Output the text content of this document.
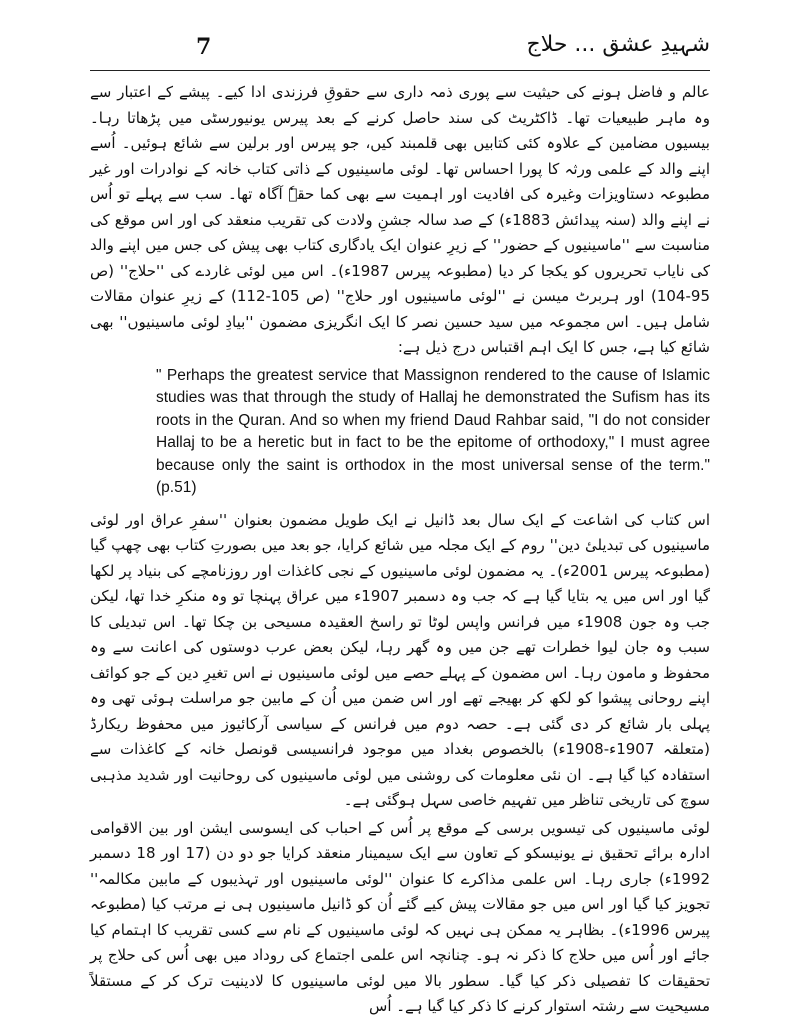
7	شہیدِ عشق ... حلاج

عالم و فاضل ہونے کی حیثیت سے پوری ذمہ داری سے حقوقِ فرزندی ادا کیے۔ پیشے کے اعتبار سے وہ ماہر طبیعیات تھا۔ ڈاکٹریٹ کی سند حاصل کرنے کے بعد پیرس یونیورسٹی میں پڑھاتا رہا۔ بیسیوں مضامین کے علاوہ کئی کتابیں بھی قلمبند کیں، جو پیرس اور برلین سے شائع ہوئیں۔ اُسے اپنے والد کے علمی ورثہ کا پورا احساس تھا۔ لوئی ماسینیوں کے ذاتی کتاب خانہ کے نوادرات اور غیر مطبوعہ دستاویزات وغیرہ کی افادیت اور اہمیت سے بھی کما حقہٗ آگاہ تھا۔ سب سے پہلے تو اُس نے اپنے والد (سنہ پیدائش 1883ء) کے صد سالہ جشنِ ولادت کی تقریب منعقد کی اور اس موقع کی مناسبت سے ''ماسینیوں کے حضور'' کے زیرِ عنوان ایک یادگاری کتاب بھی پیش کی جس میں اپنے والد کی نایاب تحریروں کو یکجا کر دیا (مطبوعہ پیرس 1987ء)۔ اس میں لوئی غاردے کی ''حلاج'' (ص 95-104) اور ہربرٹ میسن نے ''لوئی ماسینیوں اور حلاج'' (ص 105-112) کے زیرِ عنوان مقالات شامل ہیں۔ اس مجموعہ میں سید حسین نصر کا ایک انگریزی مضمون ''بیادِ لوئی ماسینیوں'' بھی شائع کیا ہے، جس کا ایک اہم اقتباس درج ذیل ہے:

" Perhaps the greatest service that Massignon rendered to the cause of Islamic studies was that through the study of Hallaj he demonstrated the Sufism has its roots in the Quran. And so when my friend Daud Rahbar said, "I do not consider Hallaj to be a heretic but in fact to be the epitome of orthodoxy," I must agree because only the saint is orthodox in the most universal sense of the term." (p.51)

اس کتاب کی اشاعت کے ایک سال بعد ڈانیل نے ایک طویل مضمون بعنوان ''سفرِ عراق اور لوئی ماسینیوں کی تبدیلیٔ دین'' روم کے ایک مجلہ میں شائع کرایا، جو بعد میں بصورتِ کتاب بھی چھپ گیا (مطبوعہ پیرس 2001ء)۔ یہ مضمون لوئی ماسینیوں کے نجی کاغذات اور روزنامچے کی بنیاد پر لکھا گیا اور اس میں یہ بتایا گیا ہے کہ جب وہ دسمبر 1907ء میں عراق پہنچا تو وہ منکرِ خدا تھا، لیکن جب وہ جون 1908ء میں فرانس واپس لوٹا تو راسخ العقیدہ مسیحی بن چکا تھا۔ اس تبدیلی کا سبب وہ جان لیوا خطرات تھے جن میں وہ گھر رہا، لیکن بعض عرب دوستوں کی اعانت سے وہ محفوظ و مامون رہا۔ اس مضمون کے پہلے حصے میں لوئی ماسینیوں نے اس تغیرِ دین کے جو کوائف اپنے روحانی پیشوا کو لکھ کر بھیجے تھے اور اس ضمن میں اُن کے مابین جو مراسلت ہوئی تھی وہ پہلی بار شائع کر دی گئی ہے۔ حصہ دوم میں فرانس کے سیاسی آرکائیوز میں محفوظ ریکارڈ (متعلقہ 1907ء-1908ء) بالخصوص بغداد میں موجود فرانسیسی قونصل خانہ کے کاغذات سے استفادہ کیا گیا ہے۔ ان نئی معلومات کی روشنی میں لوئی ماسینیوں کی روحانیت اور شدید مذہبی سوچ کی تاریخی تناظر میں تفہیم خاصی سہل ہوگئی ہے۔

لوئی ماسینیوں کی تیسویں برسی کے موقع پر اُس کے احباب کی ایسوسی ایشن اور بین الاقوامی ادارہ برائے تحقیق نے یونیسکو کے تعاون سے ایک سیمینار منعقد کرایا جو دو دن (17 اور 18 دسمبر 1992ء) جاری رہا۔ اس علمی مذاکرے کا عنوان ''لوئی ماسینیوں اور تہذیبوں کے مابین مکالمہ'' تجویز کیا گیا اور اس میں جو مقالات پیش کیے گئے اُن کو ڈانیل ماسینیوں ہی نے مرتب کیا (مطبوعہ پیرس 1996ء)۔ بظاہر یہ ممکن ہی نہیں کہ لوئی ماسینیوں کے نام سے کسی تقریب کا اہتمام کیا جائے اور اُس میں حلاج کا ذکر نہ ہو۔ چنانچہ اس علمی اجتماع کی روداد میں بھی اُس کی حلاج پر تحقیقات کا تفصیلی ذکر کیا گیا۔ سطور بالا میں لوئی ماسینیوں کا لادینیت ترک کر کے مستقلاً مسیحیت سے رشتہ استوار کرنے کا ذکر کیا گیا ہے۔ اُس
